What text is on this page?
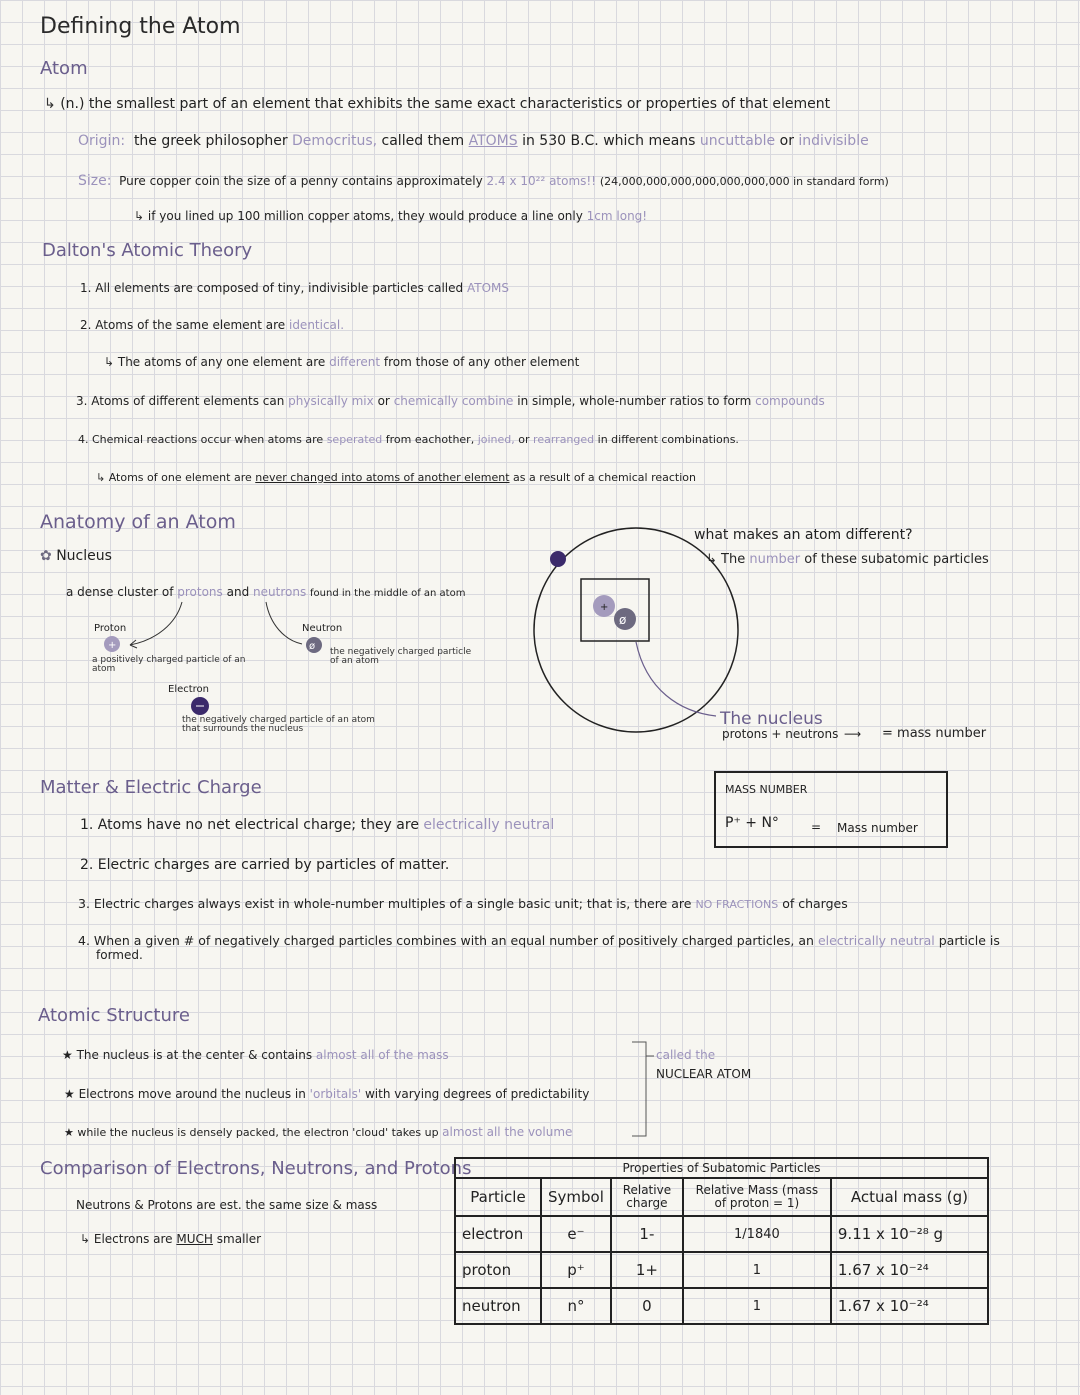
Defining the Atom
Atom
↳ (n.) the smallest part of an element that exhibits the same exact characteristics or properties of that element
Origin: the greek philosopher Democritus, called them ATOMS in 530 B.C. which means uncuttable or indivisible
Size: Pure copper coin the size of a penny contains approximately 2.4 x 10²² atoms!! (24,000,000,000,000,000,000,000 in standard form)
↳ if you lined up 100 million copper atoms, they would produce a line only 1cm long!
Dalton's Atomic Theory
1. All elements are composed of tiny, indivisible particles called ATOMS
2. Atoms of the same element are identical.
↳ The atoms of any one element are different from those of any other element
3. Atoms of different elements can physically mix or chemically combine in simple, whole-number ratios to form compounds
4. Chemical reactions occur when atoms are seperated from eachother, joined, or rearranged in different combinations.
↳ Atoms of one element are never changed into atoms of another element as a result of a chemical reaction
Anatomy of an Atom
✿ Nucleus
a dense cluster of protons and neutrons found in the middle of an atom
Proton	Neutron
a positively charged particle of an atom
the negatively charged particle of an atom
Electron
the negatively charged particle of an atom that surrounds the nucleus
what makes an atom different?
↳ The number of these subatomic particles
The nucleus
protons + neutrons ⟶ = mass number
+	ø
+
ø
Matter & Electric Charge
1. Atoms have no net electrical charge; they are electrically neutral
2. Electric charges are carried by particles of matter.
3. Electric charges always exist in whole-number multiples of a single basic unit; that is, there are NO FRACTIONS of charges
4. When a given # of negatively charged particles combines with an equal number of positively charged particles, an electrically neutral particle is
formed.
MASS NUMBER
P⁺ + N°	= Mass number
Atomic Structure
★ The nucleus is at the center & contains almost all of the mass
★ Electrons move around the nucleus in 'orbitals' with varying degrees of predictability
★ while the nucleus is densely packed, the electron 'cloud' takes up almost all the volume
called the
NUCLEAR ATOM
Comparison of Electrons, Neutrons, and Protons
Neutrons & Protons are est. the same size & mass
↳ Electrons are MUCH smaller
Properties of Subatomic Particles				
Particle	Symbol	Relative charge	Relative Mass (mass of proton = 1)	Actual mass (g)
electron	e⁻	1-	1/1840	9.11 x 10⁻²⁸ g
proton	p⁺	1+	1	1.67 x 10⁻²⁴
neutron	n°	0	1	1.67 x 10⁻²⁴
